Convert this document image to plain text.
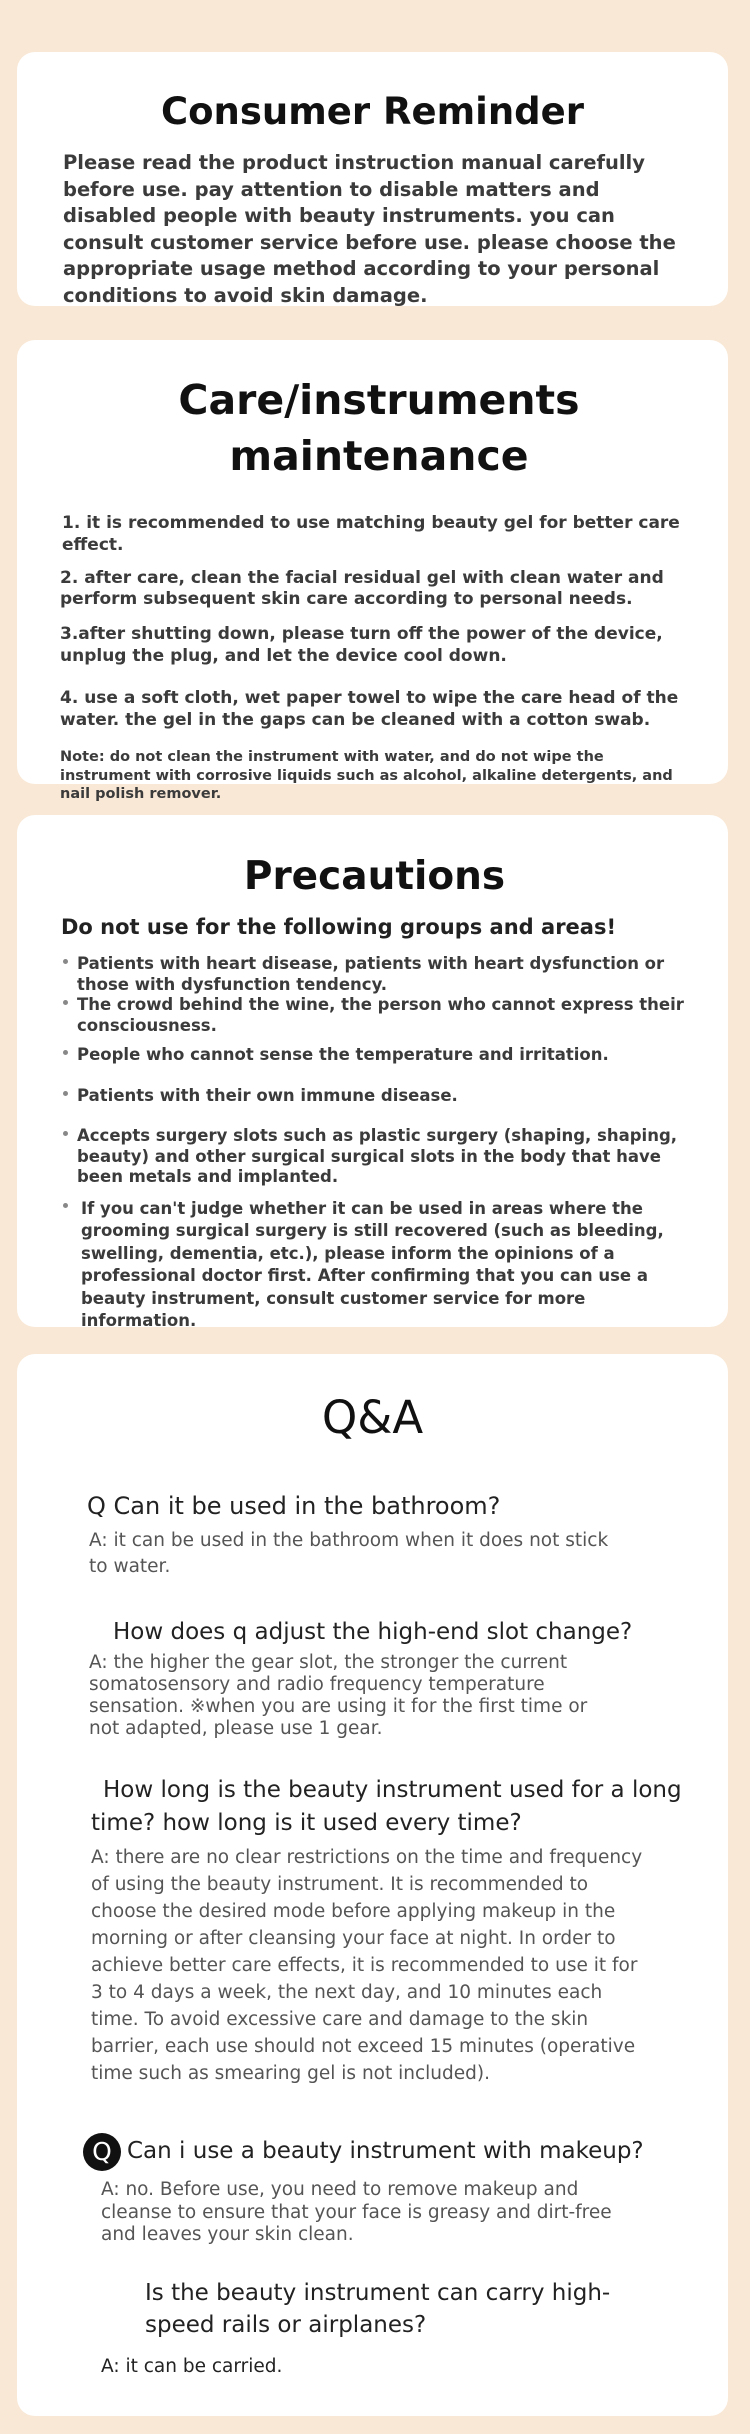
Consumer Reminder

Please read the product instruction manual carefully before use. pay attention to disable matters and disabled people with beauty instruments. you can consult customer service before use. please choose the appropriate usage method according to your personal conditions to avoid skin damage.

Care/instruments maintenance

1. it is recommended to use matching beauty gel for better care effect.

2. after care, clean the facial residual gel with clean water and perform subsequent skin care according to personal needs.

3.after shutting down, please turn off the power of the device, unplug the plug, and let the device cool down.

4. use a soft cloth, wet paper towel to wipe the care head of the water. the gel in the gaps can be cleaned with a cotton swab.

Note: do not clean the instrument with water, and do not wipe the instrument with corrosive liquids such as alcohol, alkaline detergents, and nail polish remover.

Precautions

Do not use for the following groups and areas!

Patients with heart disease, patients with heart dysfunction or those with dysfunction tendency.

The crowd behind the wine, the person who cannot express their consciousness.

People who cannot sense the temperature and irritation.

Patients with their own immune disease.

Accepts surgery slots such as plastic surgery (shaping, shaping, beauty) and other surgical surgical slots in the body that have been metals and implanted.

If you can't judge whether it can be used in areas where the grooming surgical surgery is still recovered (such as bleeding, swelling, dementia, etc.), please inform the opinions of a professional doctor first. After confirming that you can use a beauty instrument, consult customer service for more information.

Q&A

Q Can it be used in the bathroom?

A: it can be used in the bathroom when it does not stick to water.

How does q adjust the high-end slot change?

A: the higher the gear slot, the stronger the current somatosensory and radio frequency temperature sensation. ※when you are using it for the first time or not adapted, please use 1 gear.

How long is the beauty instrument used for a long time? how long is it used every time?

A: there are no clear restrictions on the time and frequency of using the beauty instrument. It is recommended to choose the desired mode before applying makeup in the morning or after cleansing your face at night. In order to achieve better care effects, it is recommended to use it for 3 to 4 days a week, the next day, and 10 minutes each time. To avoid excessive care and damage to the skin barrier, each use should not exceed 15 minutes (operative time such as smearing gel is not included).

Q Can i use a beauty instrument with makeup?

A: no. Before use, you need to remove makeup and cleanse to ensure that your face is greasy and dirt-free and leaves your skin clean.

Is the beauty instrument can carry high-speed rails or airplanes?

A: it can be carried.
